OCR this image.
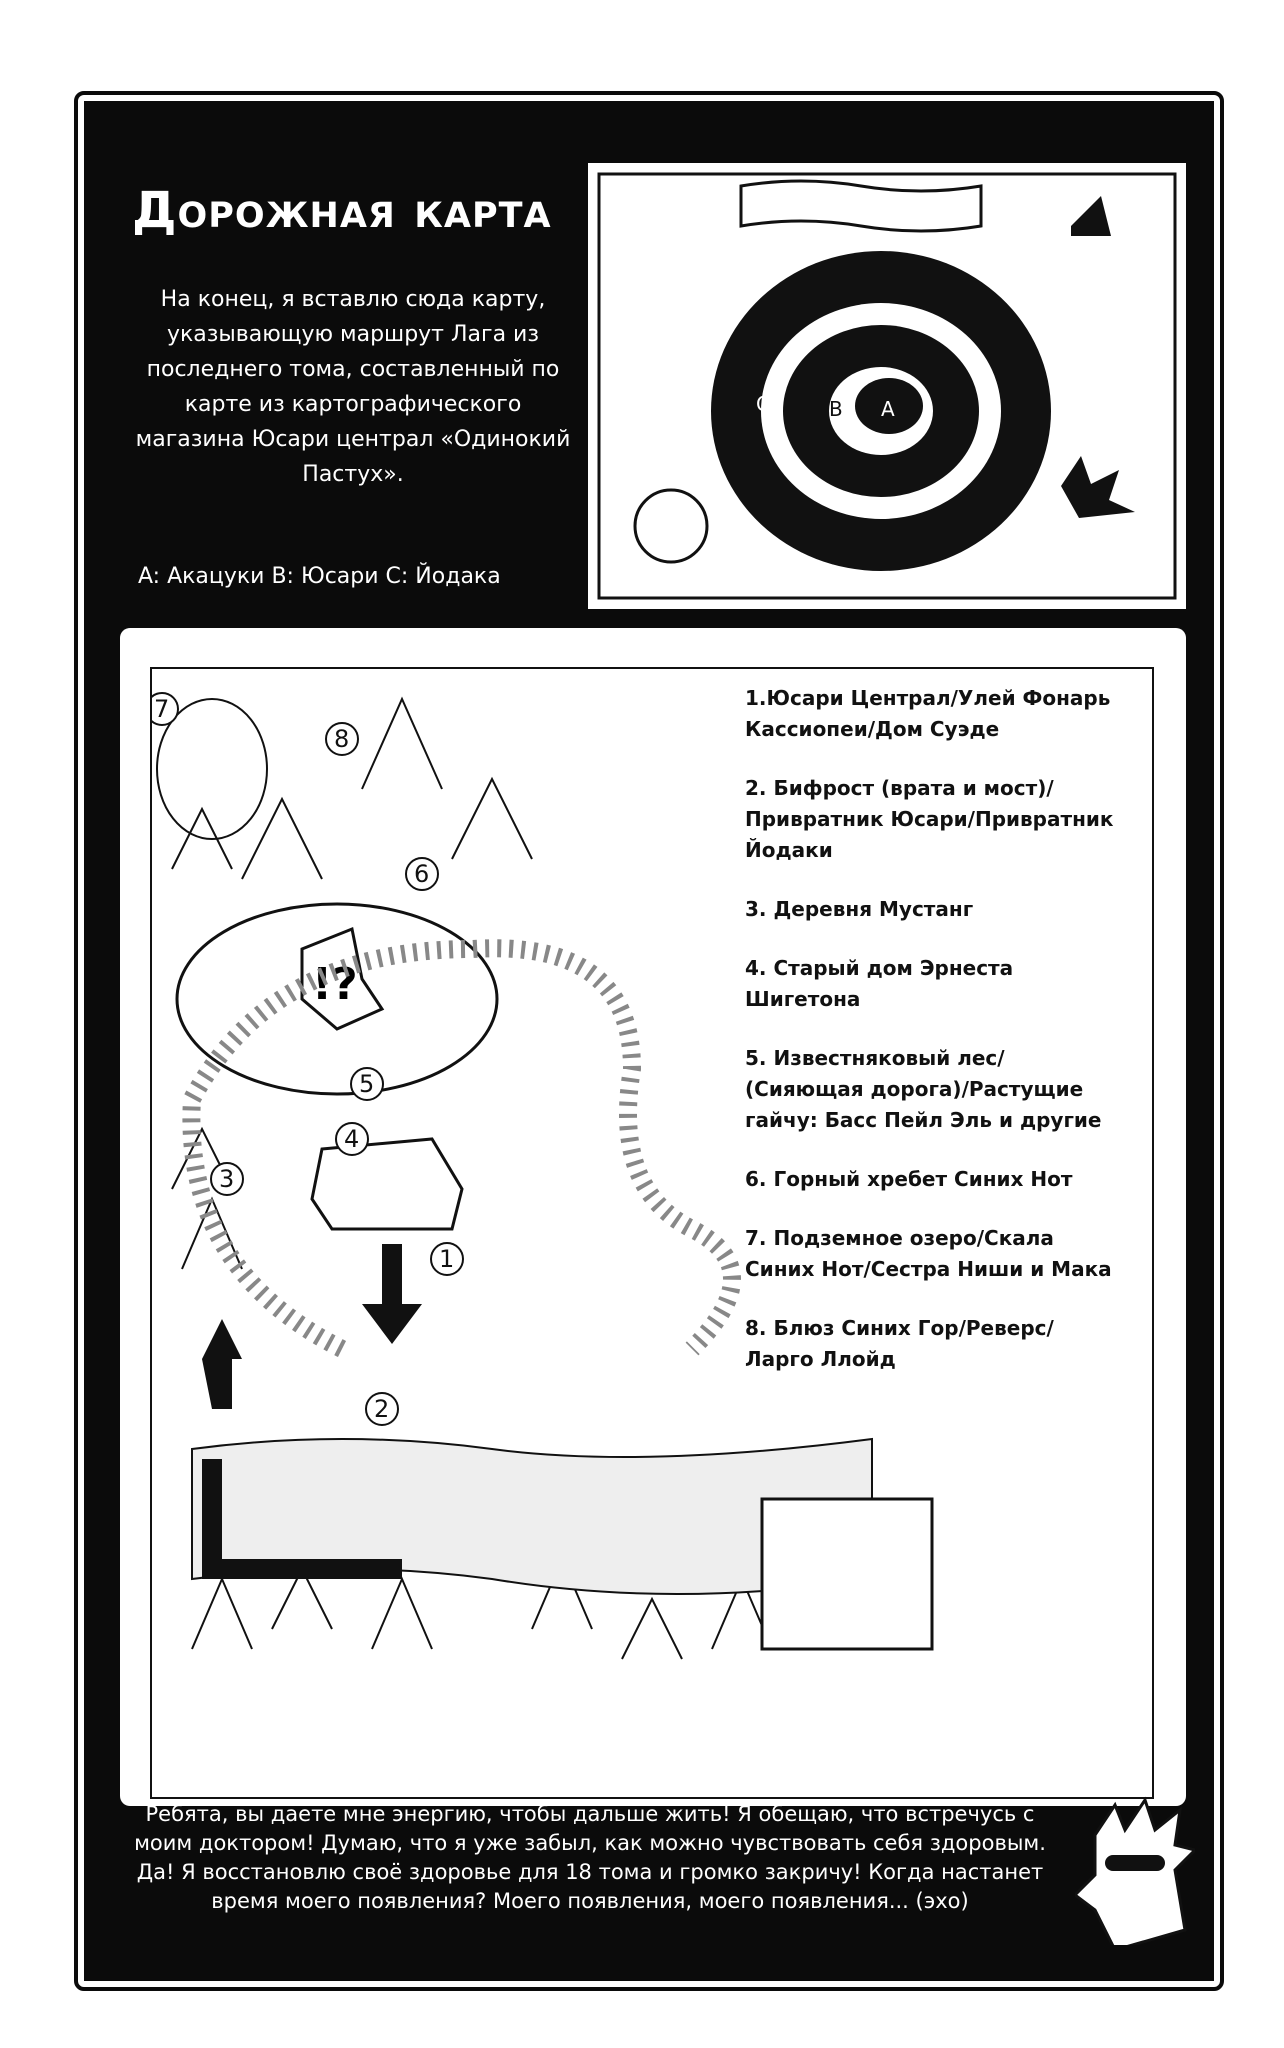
Дорожная карта
На конец, я вставлю сюда карту, указывающую маршрут Лага из последнего тома, составленный по карте из картографического магазина Юсари централ «Одинокий Пастух».
A: Акацуки B: Юсари C: Йодака
C	B A
!?
1
2
3
4
5
6
7
8
1.Юсари Централ/Улей Фонарь Кассиопеи/Дом Суэде
2. Бифрост (врата и мост)/ Привратник Юсари/Привратник Йодаки
3. Деревня Мустанг
4. Старый дом Эрнеста Шигетона
5. Известняковый лес/ (Сияющая дорога)/Растущие гайчу: Басс Пейл Эль и другие
6. Горный хребет Синих Нот
7. Подземное озеро/Скала Синих Нот/Сестра Ниши и Мака
8. Блюз Синих Гор/Реверс/ Ларго Ллойд
Ребята, вы даете мне энергию, чтобы дальше жить! Я обещаю, что встречусь с моим доктором! Думаю, что я уже забыл, как можно чувствовать себя здоровым. Да! Я восстановлю своё здоровье для 18 тома и громко закричу! Когда настанет время моего появления? Моего появления, моего появления... (эхо)
